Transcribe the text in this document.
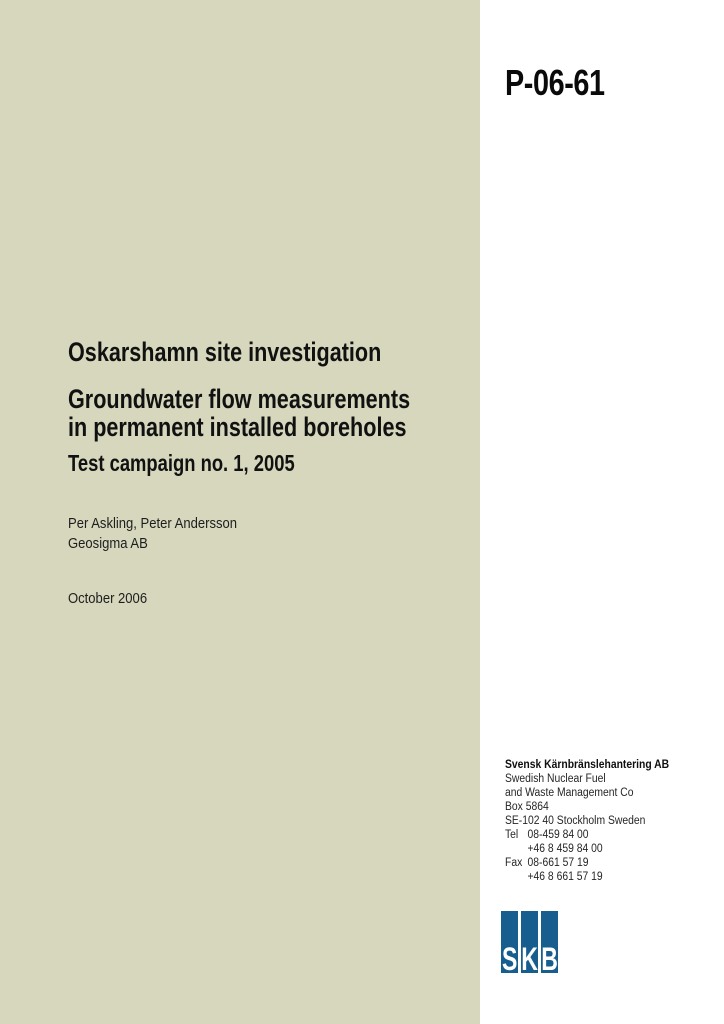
P-06-61
Oskarshamn site investigation
Groundwater flow measurements
in permanent installed boreholes
Test campaign no. 1, 2005
Per Askling, Peter Andersson
Geosigma AB
October 2006
Svensk Kärnbränslehantering AB
Swedish Nuclear Fuel
and Waste Management Co
Box 5864
SE-102 40 Stockholm Sweden
Tel 08-459 84 00
+46 8 459 84 00
Fax 08-661 57 19
+46 8 661 57 19
S K B
